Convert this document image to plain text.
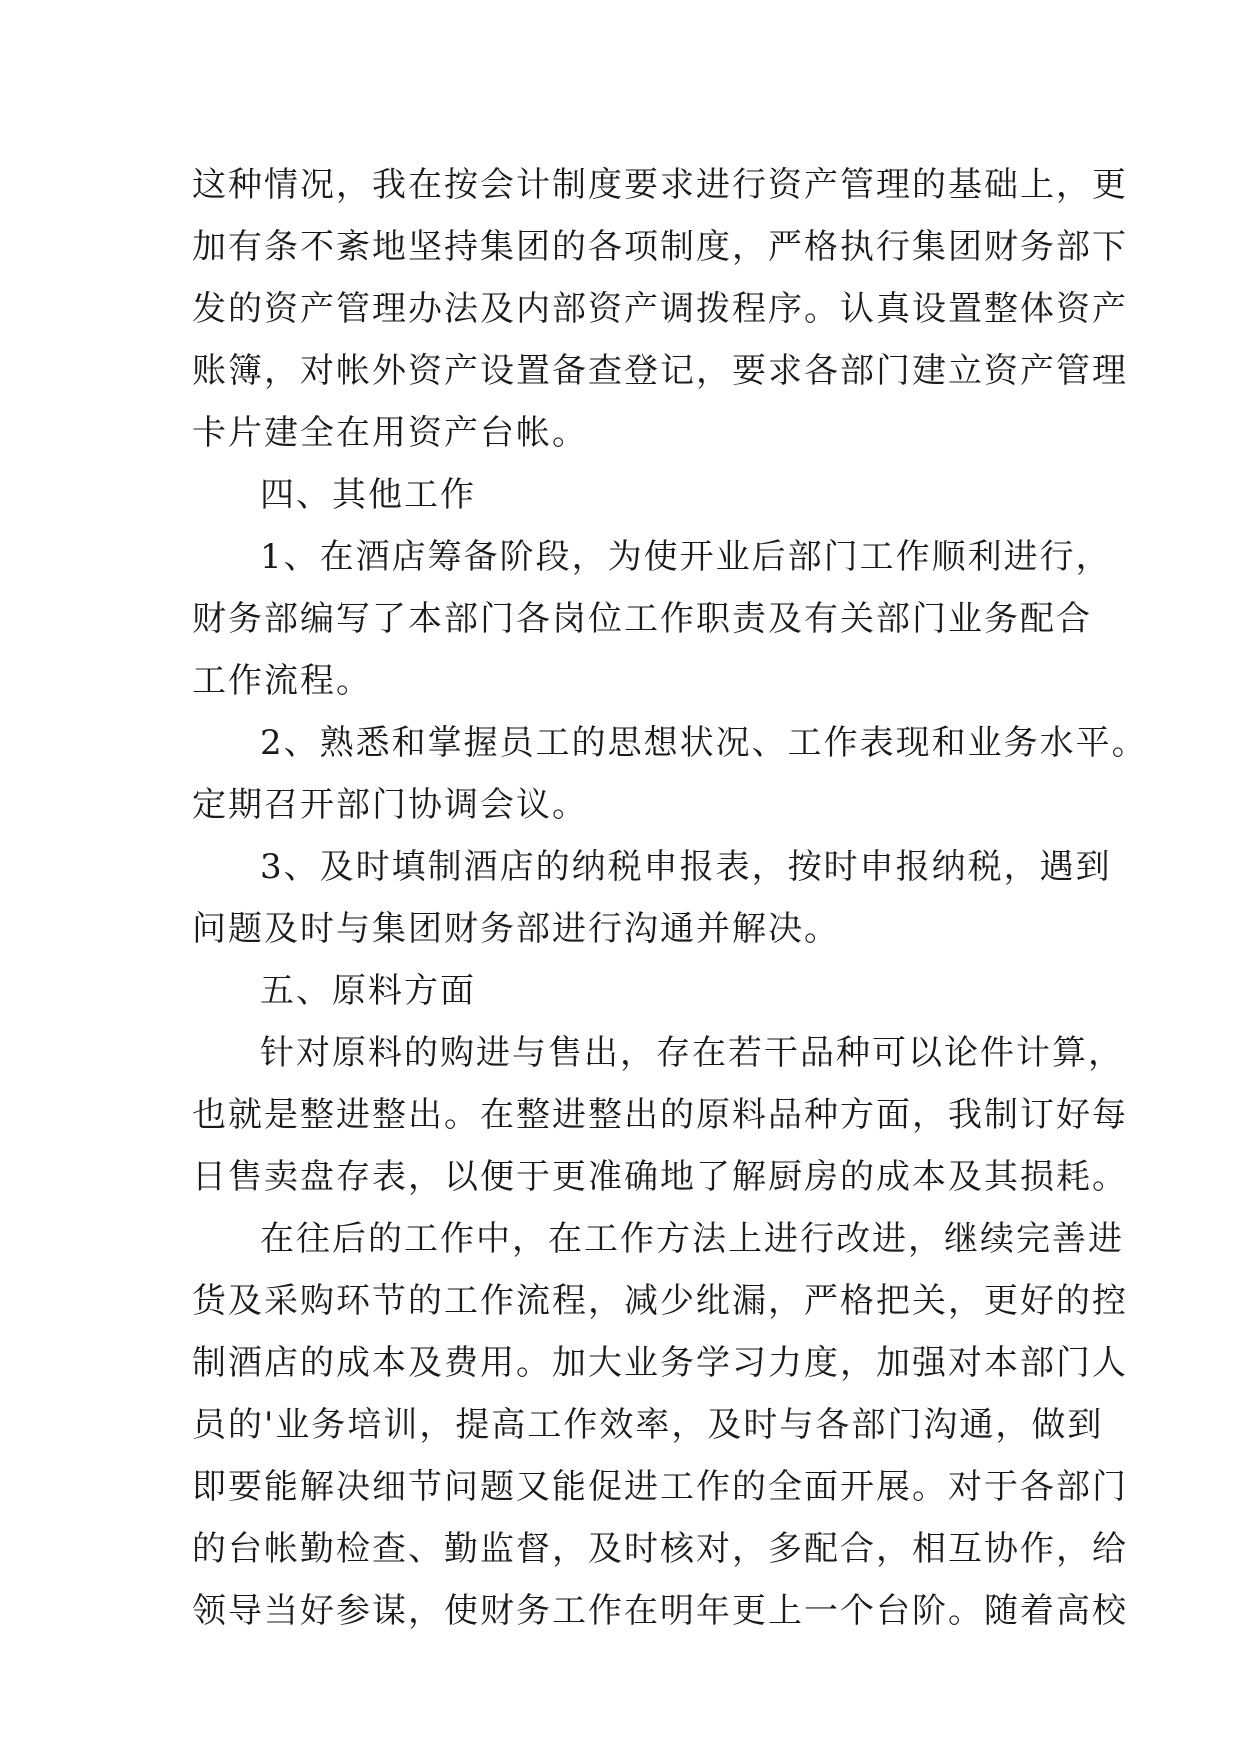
这种情况，我在按会计制度要求进行资产管理的基础上，更
加有条不紊地坚持集团的各项制度，严格执行集团财务部下
发的资产管理办法及内部资产调拨程序。认真设置整体资产
账簿，对帐外资产设置备查登记，要求各部门建立资产管理
卡片建全在用资产台帐。
四、其他工作
1、在酒店筹备阶段，为使开业后部门工作顺利进行，
财务部编写了本部门各岗位工作职责及有关部门业务配合
工作流程。
2、熟悉和掌握员工的思想状况、工作表现和业务水平。
定期召开部门协调会议。
3、及时填制酒店的纳税申报表，按时申报纳税，遇到
问题及时与集团财务部进行沟通并解决。
五、原料方面
针对原料的购进与售出，存在若干品种可以论件计算，
也就是整进整出。在整进整出的原料品种方面，我制订好每
日售卖盘存表，以便于更准确地了解厨房的成本及其损耗。
在往后的工作中，在工作方法上进行改进，继续完善进
货及采购环节的工作流程，减少纰漏，严格把关，更好的控
制酒店的成本及费用。加大业务学习力度，加强对本部门人
员的'业务培训，提高工作效率，及时与各部门沟通，做到
即要能解决细节问题又能促进工作的全面开展。对于各部门
的台帐勤检查、勤监督，及时核对，多配合，相互协作，给
领导当好参谋，使财务工作在明年更上一个台阶。随着高校
